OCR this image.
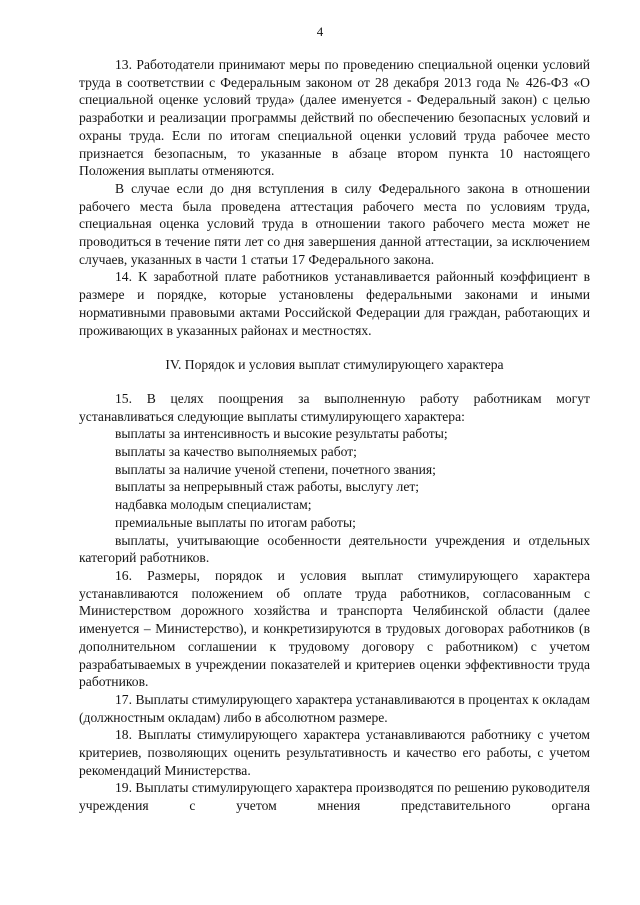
4

13. Работодатели принимают меры по проведению специальной оценки условий труда в соответствии с Федеральным законом от 28 декабря 2013 года № 426-ФЗ «О специальной оценке условий труда» (далее именуется - Федеральный закон) с целью разработки и реализации программы действий по обеспечению безопасных условий и охраны труда. Если по итогам специальной оценки условий труда рабочее место признается безопасным, то указанные в абзаце втором пункта 10 настоящего Положения выплаты отменяются.

В случае если до дня вступления в силу Федерального закона в отношении рабочего места была проведена аттестация рабочего места по условиям труда, специальная оценка условий труда в отношении такого рабочего места может не проводиться в течение пяти лет со дня завершения данной аттестации, за исключением случаев, указанных в части 1 статьи 17 Федерального закона.

14. К заработной плате работников устанавливается районный коэффициент в размере и порядке, которые установлены федеральными законами и иными нормативными правовыми актами Российской Федерации для граждан, работающих и проживающих в указанных районах и местностях.

IV. Порядок и условия выплат стимулирующего характера

15. В целях поощрения за выполненную работу работникам могут устанавливаться следующие выплаты стимулирующего характера:

выплаты за интенсивность и высокие результаты работы;

выплаты за качество выполняемых работ;

выплаты за наличие ученой степени, почетного звания;

выплаты за непрерывный стаж работы, выслугу лет;

надбавка молодым специалистам;

премиальные выплаты по итогам работы;

выплаты, учитывающие особенности деятельности учреждения и отдельных категорий работников.

16. Размеры, порядок и условия выплат стимулирующего характера устанавливаются положением об оплате труда работников, согласованным с Министерством дорожного хозяйства и транспорта Челябинской области (далее именуется – Министерство), и конкретизируются в трудовых договорах работников (в дополнительном соглашении к трудовому договору с работником) с учетом разрабатываемых в учреждении показателей и критериев оценки эффективности труда работников.

17. Выплаты стимулирующего характера устанавливаются в процентах к окладам (должностным окладам) либо в абсолютном размере.

18. Выплаты стимулирующего характера устанавливаются работнику с учетом критериев, позволяющих оценить результативность и качество его работы, с учетом рекомендаций Министерства.

19. Выплаты стимулирующего характера производятся по решению руководителя учреждения с учетом мнения представительного органа
